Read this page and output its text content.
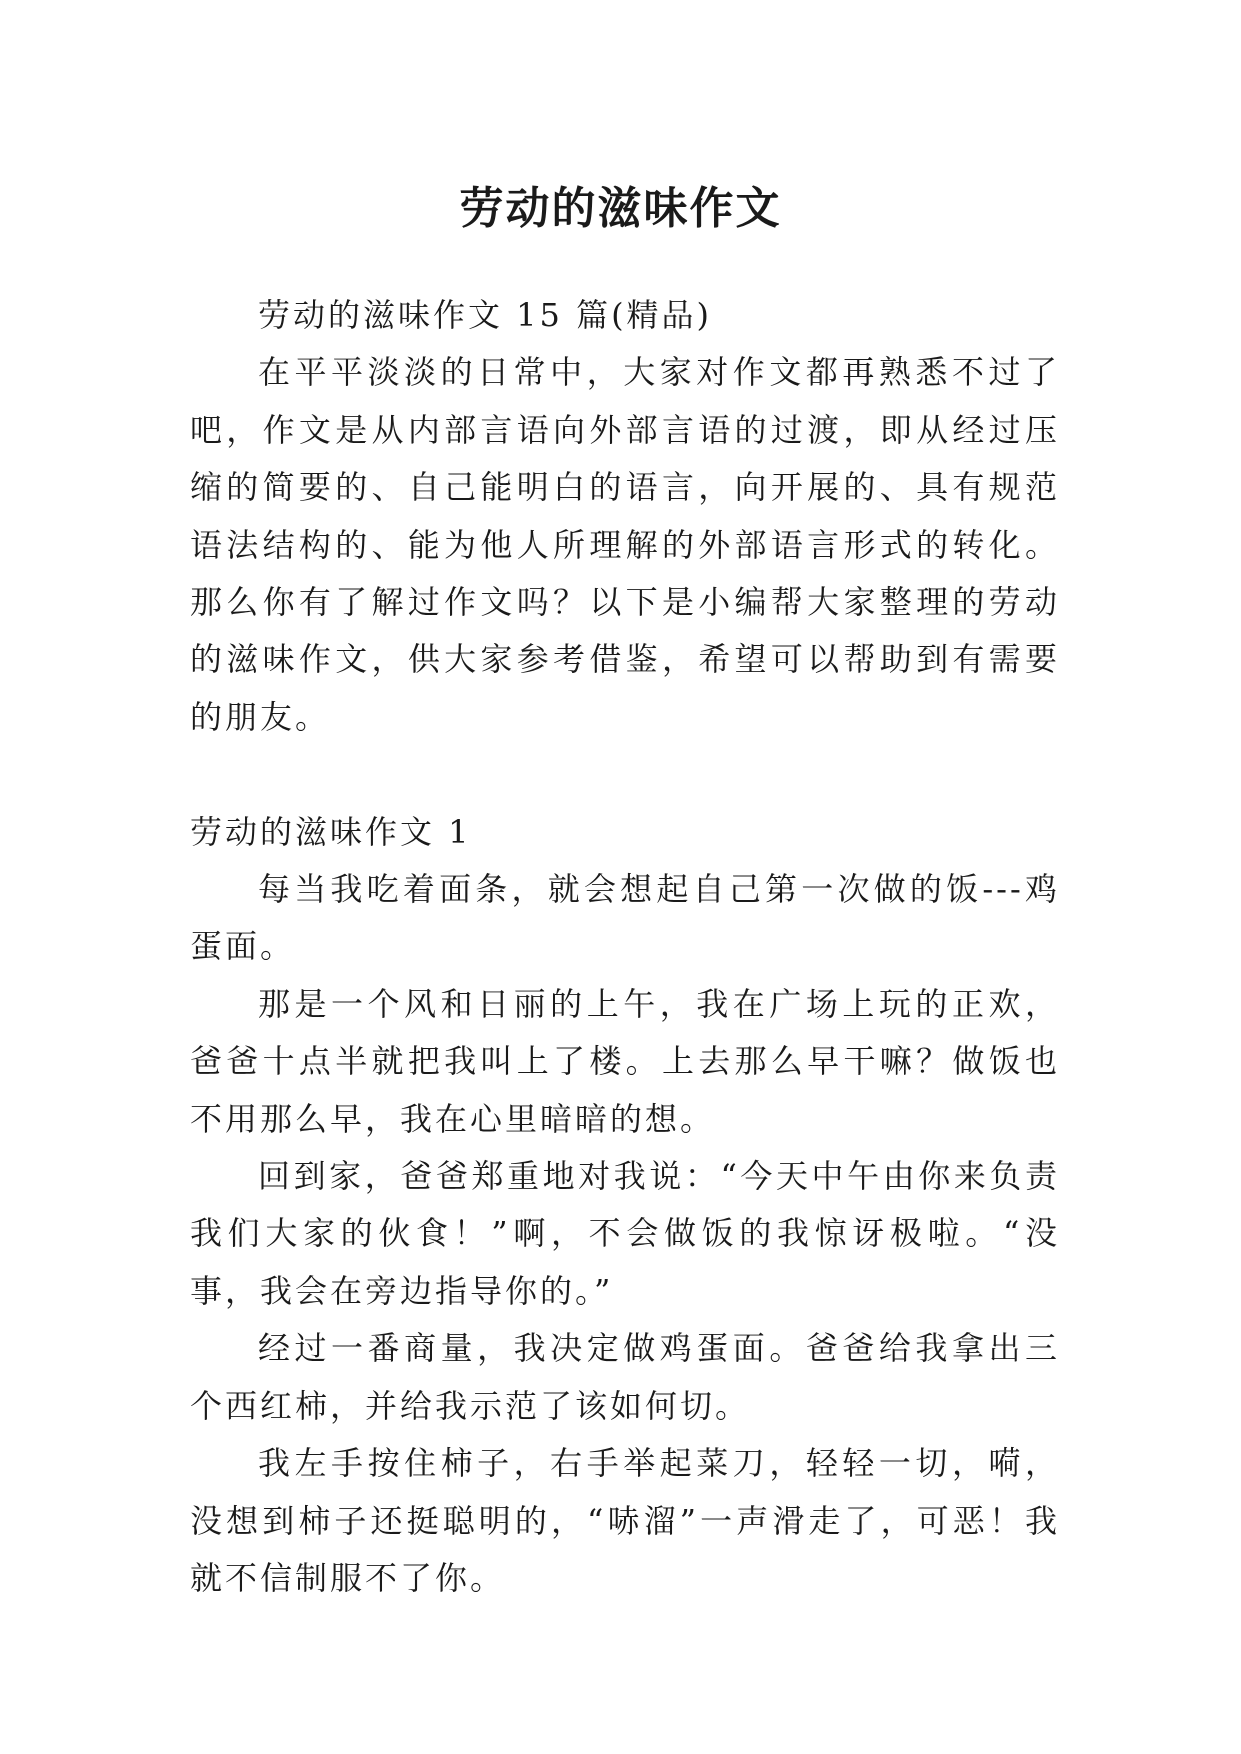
劳动的滋味作文

劳动的滋味作文 15 篇(精品)

在平平淡淡的日常中，大家对作文都再熟悉不过了吧，作文是从内部言语向外部言语的过渡，即从经过压缩的简要的、自己能明白的语言，向开展的、具有规范语法结构的、能为他人所理解的外部语言形式的转化。那么你有了解过作文吗？以下是小编帮大家整理的劳动的滋味作文，供大家参考借鉴，希望可以帮助到有需要的朋友。

劳动的滋味作文 1

每当我吃着面条，就会想起自己第一次做的饭---鸡蛋面。

那是一个风和日丽的上午，我在广场上玩的正欢，爸爸十点半就把我叫上了楼。上去那么早干嘛？做饭也不用那么早，我在心里暗暗的想。

回到家，爸爸郑重地对我说：“今天中午由你来负责我们大家的伙食！”啊，不会做饭的我惊讶极啦。“没事，我会在旁边指导你的。”

经过一番商量，我决定做鸡蛋面。爸爸给我拿出三个西红柿，并给我示范了该如何切。

我左手按住柿子，右手举起菜刀，轻轻一切，嗬，没想到柿子还挺聪明的，“哧溜”一声滑走了，可恶！我就不信制服不了你。
